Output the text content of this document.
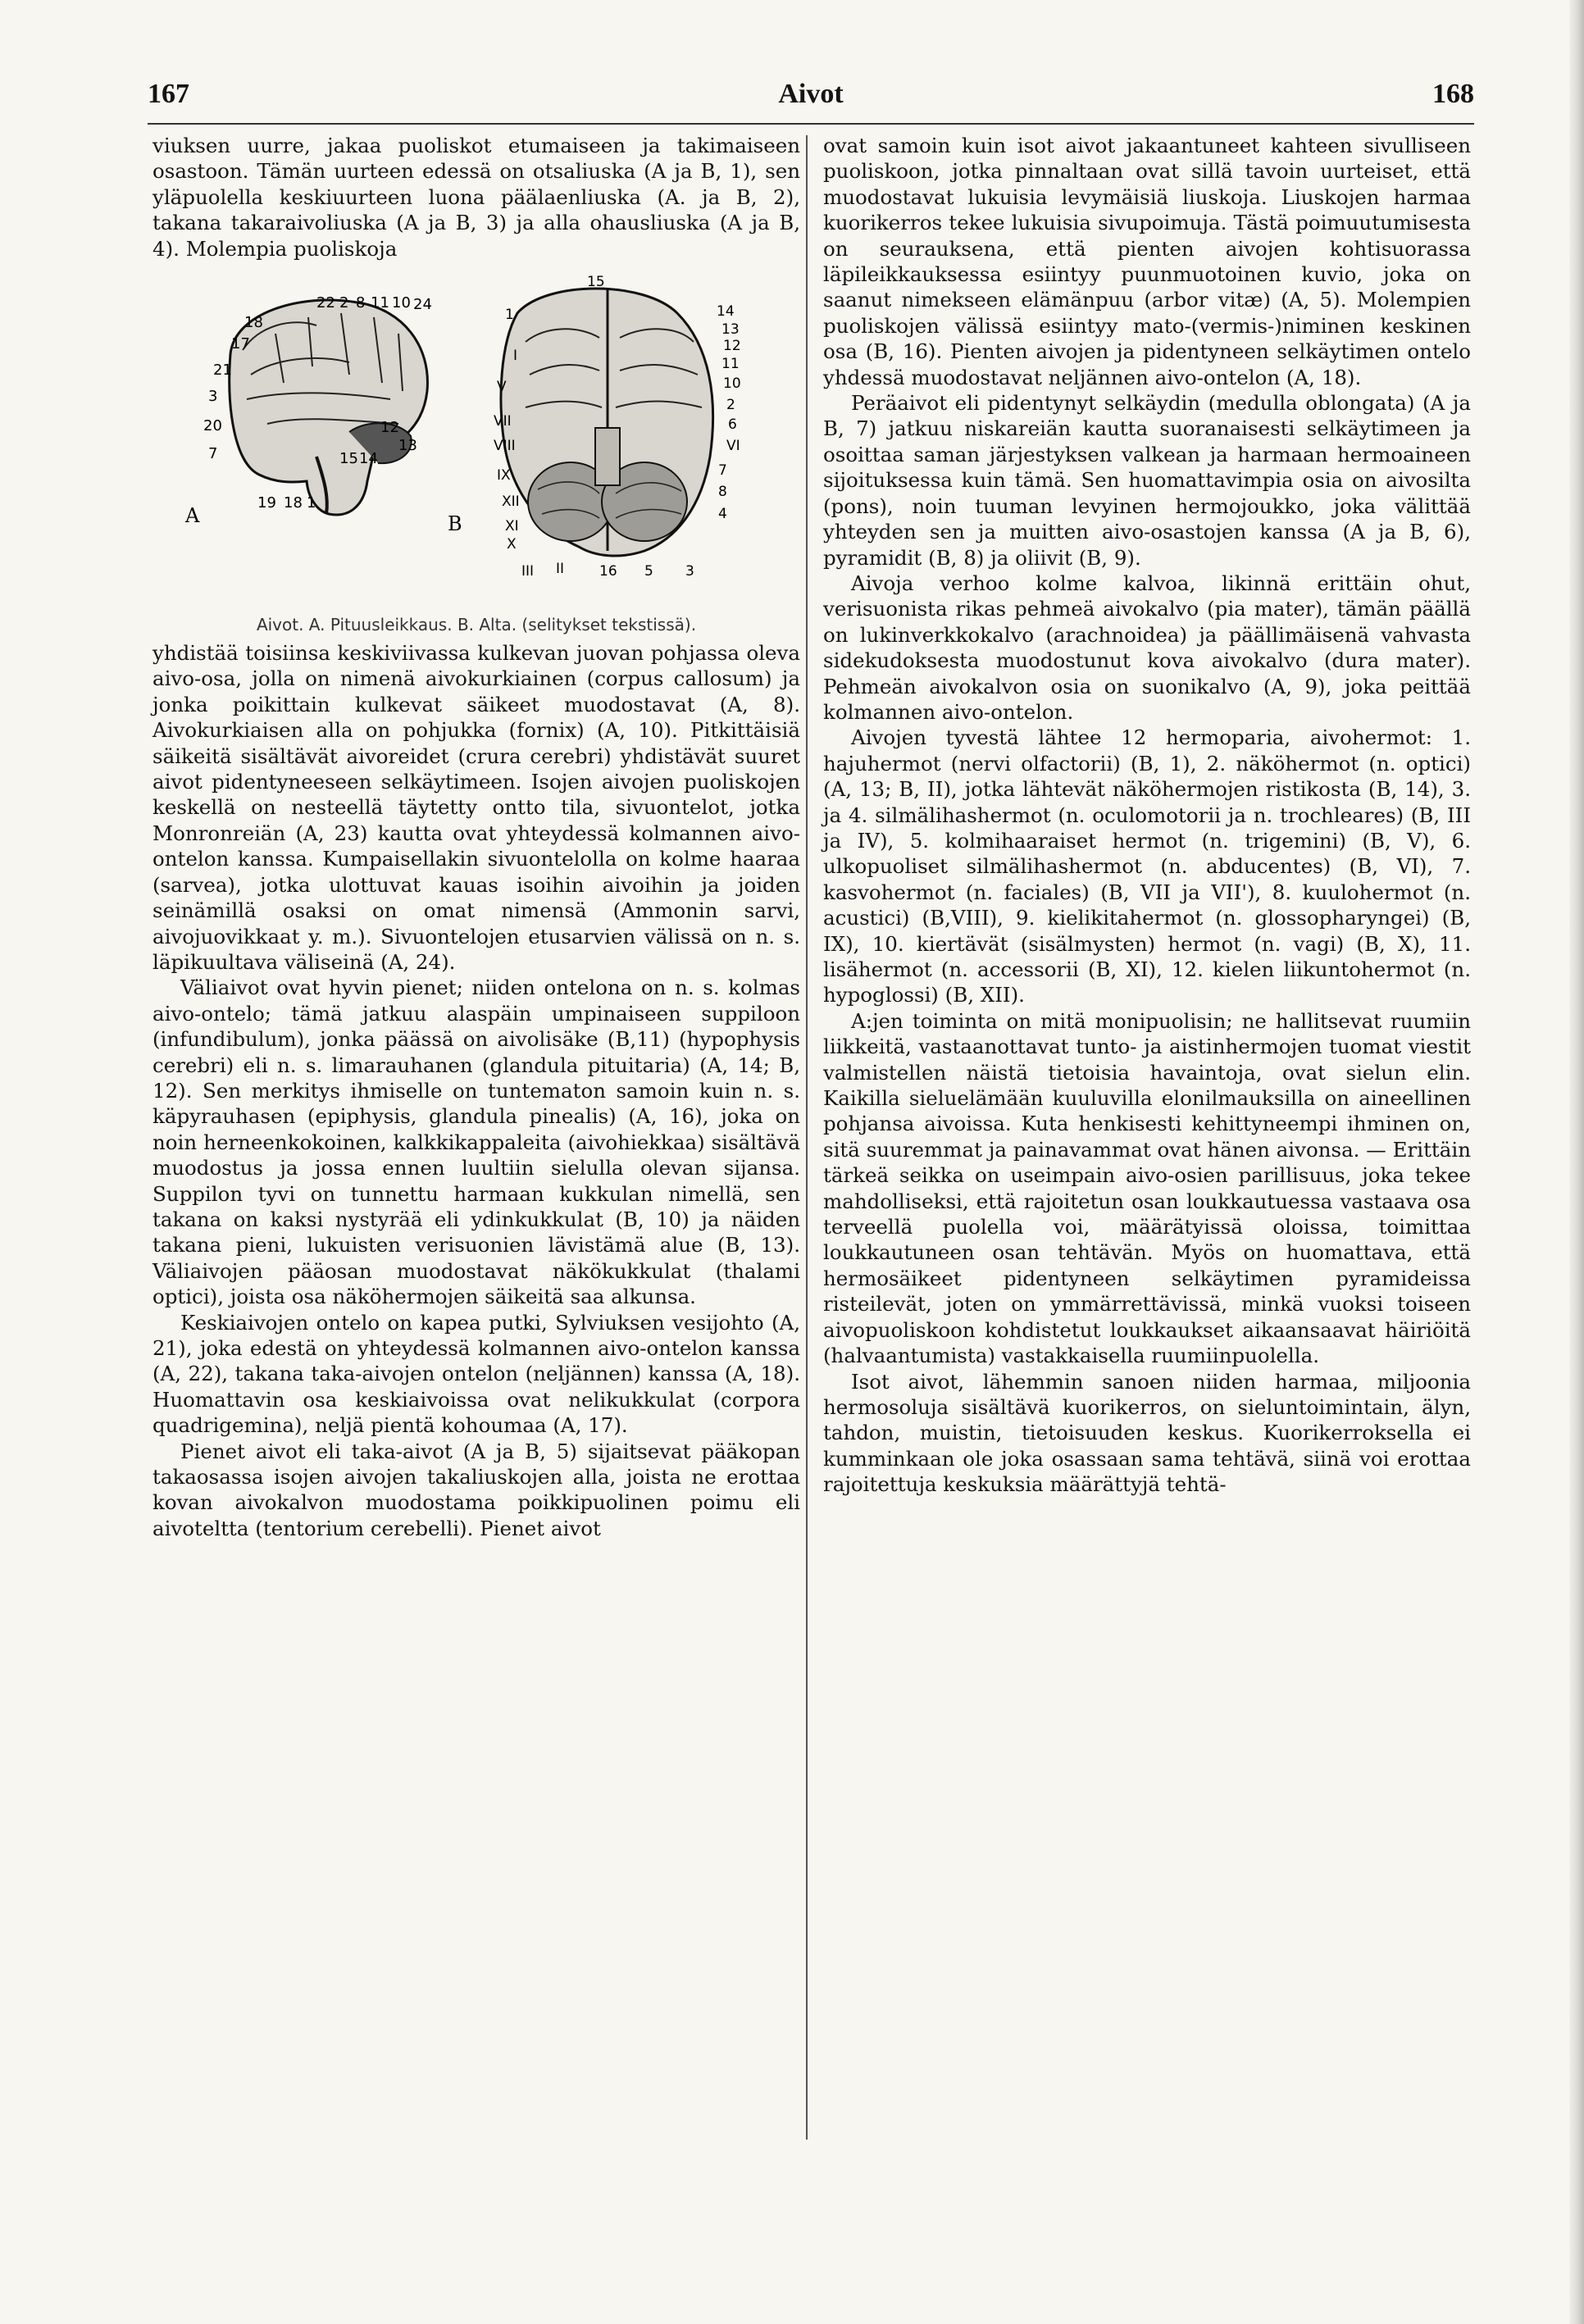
167	Aivot	168

viuksen uurre, jakaa puoliskot etumaiseen ja takimaiseen osastoon. Tämän uurteen edessä on otsaliuska (A ja B, 1), sen yläpuolella keskiuurteen luona päälaenliuska (A. ja B, 2), takana takaraivoliuska (A ja B, 3) ja alla ohausliuska (A ja B, 4). Molempia puoliskoja

22 2 8 11 10 24
18
17
21
3
20
7
12
13
15 14
19 18 1
A
15
1	14
13
12
11
10
2
6
V
VII
VIII
IX
XII
I
VI
III	16 5 3
7
8
X
XI
II
4
B
Aivot. A. Pituusleikkaus. B. Alta. (selitykset tekstissä).

yhdistää toisiinsa keskiviivassa kulkevan juovan pohjassa oleva aivo-osa, jolla on nimenä aivokurkiainen (corpus callosum) ja jonka poikittain kulkevat säikeet muodostavat (A, 8). Aivokurkiaisen alla on pohjukka (fornix) (A, 10). Pitkittäisiä säikeitä sisältävät aivoreidet (crura cerebri) yhdistävät suuret aivot pidentyneeseen selkäytimeen. Isojen aivojen puoliskojen keskellä on nesteellä täytetty ontto tila, sivuontelot, jotka Monronreiän (A, 23) kautta ovat yhteydessä kolmannen aivo-ontelon kanssa. Kumpaisellakin sivuontelolla on kolme haaraa (sarvea), jotka ulottuvat kauas isoihin aivoihin ja joiden seinämillä osaksi on omat nimensä (Ammonin sarvi, aivojuovikkaat y. m.). Sivuontelojen etusarvien välissä on n. s. läpikuultava väliseinä (A, 24).

Väliaivot ovat hyvin pienet; niiden ontelona on n. s. kolmas aivo-ontelo; tämä jatkuu alaspäin umpinaiseen suppiloon (infundibulum), jonka päässä on aivolisäke (B,11) (hypophysis cerebri) eli n. s. limarauhanen (glandula pituitaria) (A, 14; B, 12). Sen merkitys ihmiselle on tuntematon samoin kuin n. s. käpyrauhasen (epiphysis, glandula pinealis) (A, 16), joka on noin herneenkokoinen, kalkkikappaleita (aivohiekkaa) sisältävä muodostus ja jossa ennen luultiin sielulla olevan sijansa. Suppilon tyvi on tunnettu harmaan kukkulan nimellä, sen takana on kaksi nystyrää eli ydinkukkulat (B, 10) ja näiden takana pieni, lukuisten verisuonien lävistämä alue (B, 13). Väliaivojen pääosan muodostavat näkökukkulat (thalami optici), joista osa näköhermojen säikeitä saa alkunsa.

Keskiaivojen ontelo on kapea putki, Sylviuksen vesijohto (A, 21), joka edestä on yhteydessä kolmannen aivo-ontelon kanssa (A, 22), takana taka-aivojen ontelon (neljännen) kanssa (A, 18). Huomattavin osa keskiaivoissa ovat nelikukkulat (corpora quadrigemina), neljä pientä kohoumaa (A, 17).

Pienet aivot eli taka-aivot (A ja B, 5) sijaitsevat pääkopan takaosassa isojen aivojen takaliuskojen alla, joista ne erottaa kovan aivokalvon muodostama poikkipuolinen poimu eli aivoteltta (tentorium cerebelli). Pienet aivot

ovat samoin kuin isot aivot jakaantuneet kahteen sivulliseen puoliskoon, jotka pinnaltaan ovat sillä tavoin uurteiset, että muodostavat lukuisia levymäisiä liuskoja. Liuskojen harmaa kuorikerros tekee lukuisia sivupoimuja. Tästä poimuutumisesta on seurauksena, että pienten aivojen kohtisuorassa läpileikkauksessa esiintyy puunmuotoinen kuvio, joka on saanut nimekseen elämänpuu (arbor vitæ) (A, 5). Molempien puoliskojen välissä esiintyy mato-(vermis-)niminen keskinen osa (B, 16). Pienten aivojen ja pidentyneen selkäytimen ontelo yhdessä muodostavat neljännen aivo-ontelon (A, 18).

Peräaivot eli pidentynyt selkäydin (medulla oblongata) (A ja B, 7) jatkuu niskareiän kautta suoranaisesti selkäytimeen ja osoittaa saman järjestyksen valkean ja harmaan hermoaineen sijoituksessa kuin tämä. Sen huomattavimpia osia on aivosilta (pons), noin tuuman levyinen hermojoukko, joka välittää yhteyden sen ja muitten aivo-osastojen kanssa (A ja B, 6), pyramidit (B, 8) ja oliivit (B, 9).

Aivoja verhoo kolme kalvoa, likinnä erittäin ohut, verisuonista rikas pehmeä aivokalvo (pia mater), tämän päällä on lukinverkkokalvo (arachnoidea) ja päällimäisenä vahvasta sidekudoksesta muodostunut kova aivokalvo (dura mater). Pehmeän aivokalvon osia on suonikalvo (A, 9), joka peittää kolmannen aivo-ontelon.

Aivojen tyvestä lähtee 12 hermoparia, aivohermot: 1. hajuhermot (nervi olfactorii) (B, 1), 2. näköhermot (n. optici) (A, 13; B, II), jotka lähtevät näköhermojen ristikosta (B, 14), 3. ja 4. silmälihashermot (n. oculomotorii ja n. trochleares) (B, III ja IV), 5. kolmihaaraiset hermot (n. trigemini) (B, V), 6. ulkopuoliset silmälihashermot (n. abducentes) (B, VI), 7. kasvohermot (n. faciales) (B, VII ja VII'), 8. kuulohermot (n. acustici) (B,VIII), 9. kielikitahermot (n. glossopharyngei) (B, IX), 10. kiertävät (sisälmysten) hermot (n. vagi) (B, X), 11. lisähermot (n. accessorii (B, XI), 12. kielen liikuntohermot (n. hypoglossi) (B, XII).

A:jen toiminta on mitä monipuolisin; ne hallitsevat ruumiin liikkeitä, vastaanottavat tunto- ja aistinhermojen tuomat viestit valmistellen näistä tietoisia havaintoja, ovat sielun elin. Kaikilla sieluelämään kuuluvilla elonilmauksilla on aineellinen pohjansa aivoissa. Kuta henkisesti kehittyneempi ihminen on, sitä suuremmat ja painavammat ovat hänen aivonsa. — Erittäin tärkeä seikka on useimpain aivo-osien parillisuus, joka tekee mahdolliseksi, että rajoitetun osan loukkautuessa vastaava osa terveellä puolella voi, määrätyissä oloissa, toimittaa loukkautuneen osan tehtävän. Myös on huomattava, että hermosäikeet pidentyneen selkäytimen pyramideissa risteilevät, joten on ymmärrettävissä, minkä vuoksi toiseen aivopuoliskoon kohdistetut loukkaukset aikaansaavat häiriöitä (halvaantumista) vastakkaisella ruumiinpuolella.

Isot aivot, lähemmin sanoen niiden harmaa, miljoonia hermosoluja sisältävä kuorikerros, on sieluntoimintain, älyn, tahdon, muistin, tietoisuuden keskus. Kuorikerroksella ei kumminkaan ole joka osassaan sama tehtävä, siinä voi erottaa rajoitettuja keskuksia määrättyjä tehtä-
